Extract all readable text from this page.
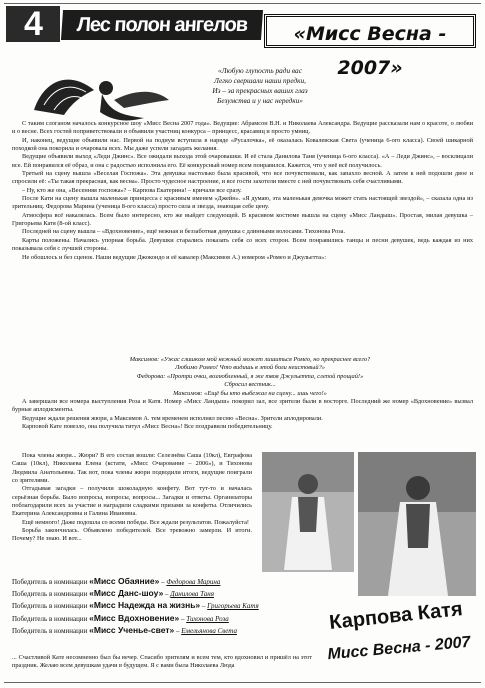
4	Лес полон ангелов	«Мисс Весна - 2007»
«Любую глупость ради вас
Легко свершали наши предки,
Из – за прекрасных ваших глаз
Безумства и у нас нередки»

С таким слоганом началось конкурсное шоу «Мисс Весна 2007 года». Ведущие: Абрамсон В.Н. и Николаева Александра. Ведущие рассказали нам о красоте, о любви и о весне. Всех гостей поприветствовали и объявили участниц конкурса – принцесс, красавиц и просто умниц.

И, наконец, ведущие объявили нас. Первой на подиум вступила в наряде «Русалочка», её оказалась Ковалевская Света (ученица 6-ого класса). Своей шикарной походкой она покорила и очаровала всех. Мы даже успели загадать желания.

Ведущие объявили выход «Леди Джинс». Все ожидали выхода этой очаровашки. И её стала Данилова Таня (ученица 6-ого класса). «А – Леди Джинс», – восклицали все. Ей понравился её образ, и она с радостью исполнила его. Её конкурсный номер всем понравился. Кажется, что у неё всё получилось.

Третьей на сцену вышла «Веселая Госпожа». Эта девушка настолько была красивой, что все почувствовали, как запахло весной. А затем к ней подошли двое и спросили её: «Ты такая прекрасная, как весна». Просто чудесное настроение, и все гости захотели вместе с ней почувствовать себя счастливыми.

– Ну, кто же она, «Весенняя госпожа»? – Карпова Екатерина! – кричали все сразу.

После Кати на сцену вышла маленькая принцесса с красивым именем «Джейн». «Я думаю, эта маленькая девочка может стать настоящей звездой», – сказала одна из зрительниц. Федорова Марина (ученица 8-ого класса) просто сила и звезда, знающая себе цену.

Атмосфера всё накалялась. Всем было интересно, кто же выйдет следующей. В красивом костюме вышла на сцену «Мисс Ландыш». Простая, милая девушка – Григорьева Катя (8-ой класс).

Последней на сцену вышла – «Вдохновение», ещё нежная и беззаботная девушка с длинными волосами. Тихонова Роза.

Карты положены. Начались упорная борьба. Девушки старались показать себя со всех сторон. Всем понравились танцы и песни девушек, ведь каждая из них показывала себя с лучшей стороны.

Не обошлось и без сценок. Наши ведущие Джокондо и её кавалер (Максимов А.) номером «Ромео и Джульетта»:

Максимов: «Ужас слишком мой нежный может лишиться Ромео, но прекраснее всего?
Любимо Ромео! Что видишь в этой боли неистовый?»
Федорова: «Протри очки, возлюбленный, я же твоя Джульетта, слепой прощай!»
Сбросил вестник...
Максимов: «Ещё бы кто выбежал на сцену... ишь чего!»

А завершали все номера выступления Роза и Катя. Номер «Мисс Ландыш» покорил зал, все зрители были в восторге. Последний же номер «Вдохновение» вызвал бурные аплодисменты.

Ведущие ждали решения жюри, а Максимов А. тем временем исполнял песню «Весна». Зрители аплодировали.

Карповой Кате повезло, она получила титул «Мисс Весна»! Все поздравили победительницу.

Пока члены жюри... Жюри? В его состав вошли: Селезнёва Саша (10кл), Евграфова Саша (10кл), Николаева Елена (кстати, «Мисс Очарование – 2006»), и Тихонова Людмила Анатольевна. Так вот, пока члены жюри подводили итоги, ведущие поиграли со зрителями.

Отгадывая загадки – получили шоколадную конфету. Вот тут-то и началась серьёзная борьба. Было вопросы, вопросы, вопросы... Загадки и ответы. Организаторы поблагодарили всех за участие и наградили сладкими призами за конфеты. Отличились Екатерина Александровна и Галина Ивановна.

Ещё немного! Даже подошла со всеми победы. Все ждали результатов. Пожалуйста!

Борьба закончилась. Объявлено победителей. Все тревожно замерли. И итоги. Почему? Не знаю. И вот...

Победитель в номинации «Мисс Обаяние» – Федорова Марина
Победитель в номинации «Мисс Данс-шоу» – Данилова Таня
Победитель в номинации «Мисс Надежда на жизнь» – Григорьева Катя
Победитель в номинации «Мисс Вдохновение» – Тихонова Роза
Победитель в номинации «Мисс Ученье-свет» – Емельянова Света
... Счастливой Кате несомненно был бы вечер. Спасибо зрителям и всем тем, кто вдохновил и пришёл на этот праздник. Желаю всем девушкам удачи в будущем. Я с вами была Николаева Люда
Карпова Катя
Мисс Весна - 2007
